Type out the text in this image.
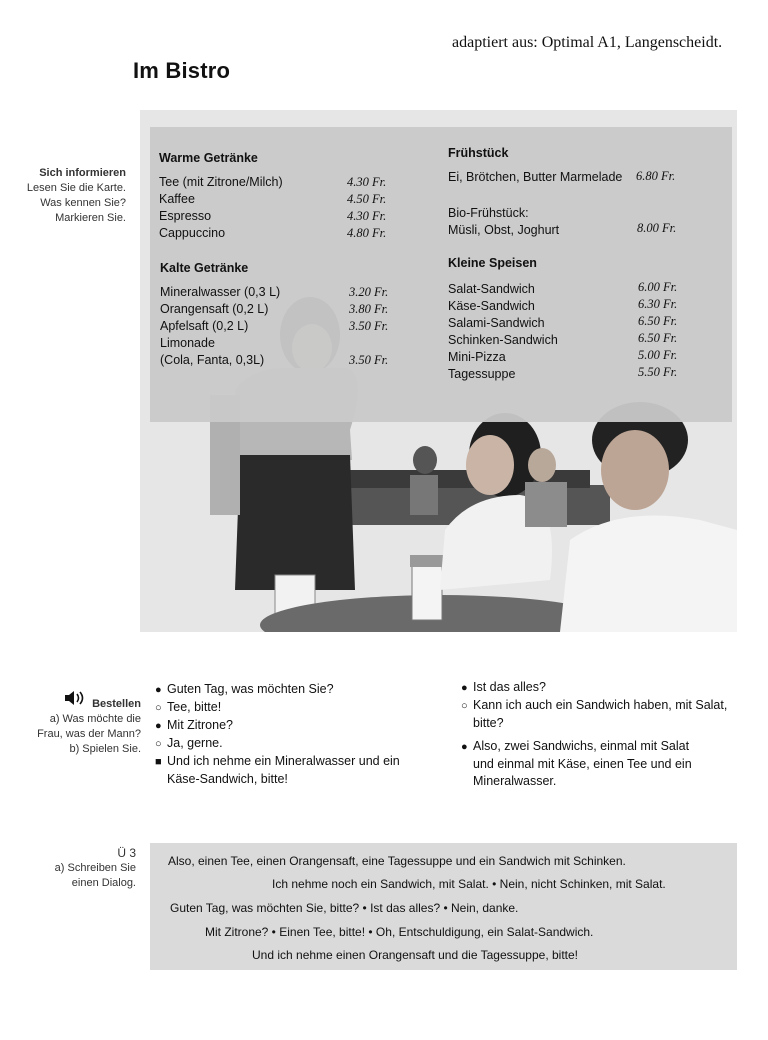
adaptiert aus: Optimal A1, Langenscheidt.
Im Bistro
Sich informieren
Lesen Sie die Karte.
Was kennen Sie?
Markieren Sie.
Warme Getränke
Tee (mit Zitrone/Milch)
Kaffee
Espresso
Cappuccino
4.30 Fr.
4.50 Fr.
4.30 Fr.
4.80 Fr.
Kalte Getränke
Mineralwasser (0,3 L)
Orangensaft (0,2 L)
Apfelsaft (0,2 L)
Limonade
(Cola, Fanta, 0,3L)
3.20 Fr.
3.80 Fr.
3.50 Fr.
3.50 Fr.
Frühstück
Ei, Brötchen, Butter Marmelade 6.80 Fr.
Bio-Frühstück:
Müsli, Obst, Joghurt	8.00 Fr.
Kleine Speisen
Salat-Sandwich
Käse-Sandwich
Salami-Sandwich
Schinken-Sandwich
Mini-Pizza
Tagessuppe
6.00 Fr.
6.30 Fr.
6.50 Fr.
6.50 Fr.
5.00 Fr.
5.50 Fr.
Bestellen
a) Was möchte die
Frau, was der Mann?
b) Spielen Sie.
● Guten Tag, was möchten Sie?
○ Tee, bitte!
● Mit Zitrone?
○ Ja, gerne.
■ Und ich nehme ein Mineralwasser und ein
Käse-Sandwich, bitte!
● Ist das alles?
○ Kann ich auch ein Sandwich haben, mit Salat,
bitte?
● Also, zwei Sandwichs, einmal mit Salat
und einmal mit Käse, einen Tee und ein
Mineralwasser.
Ü 3
a) Schreiben Sie
einen Dialog.
Also, einen Tee, einen Orangensaft, eine Tagessuppe und ein Sandwich mit Schinken.
Ich nehme noch ein Sandwich, mit Salat. • Nein, nicht Schinken, mit Salat.
Guten Tag, was möchten Sie, bitte? • Ist das alles? • Nein, danke.
Mit Zitrone? • Einen Tee, bitte! • Oh, Entschuldigung, ein Salat-Sandwich.
Und ich nehme einen Orangensaft und die Tagessuppe, bitte!
